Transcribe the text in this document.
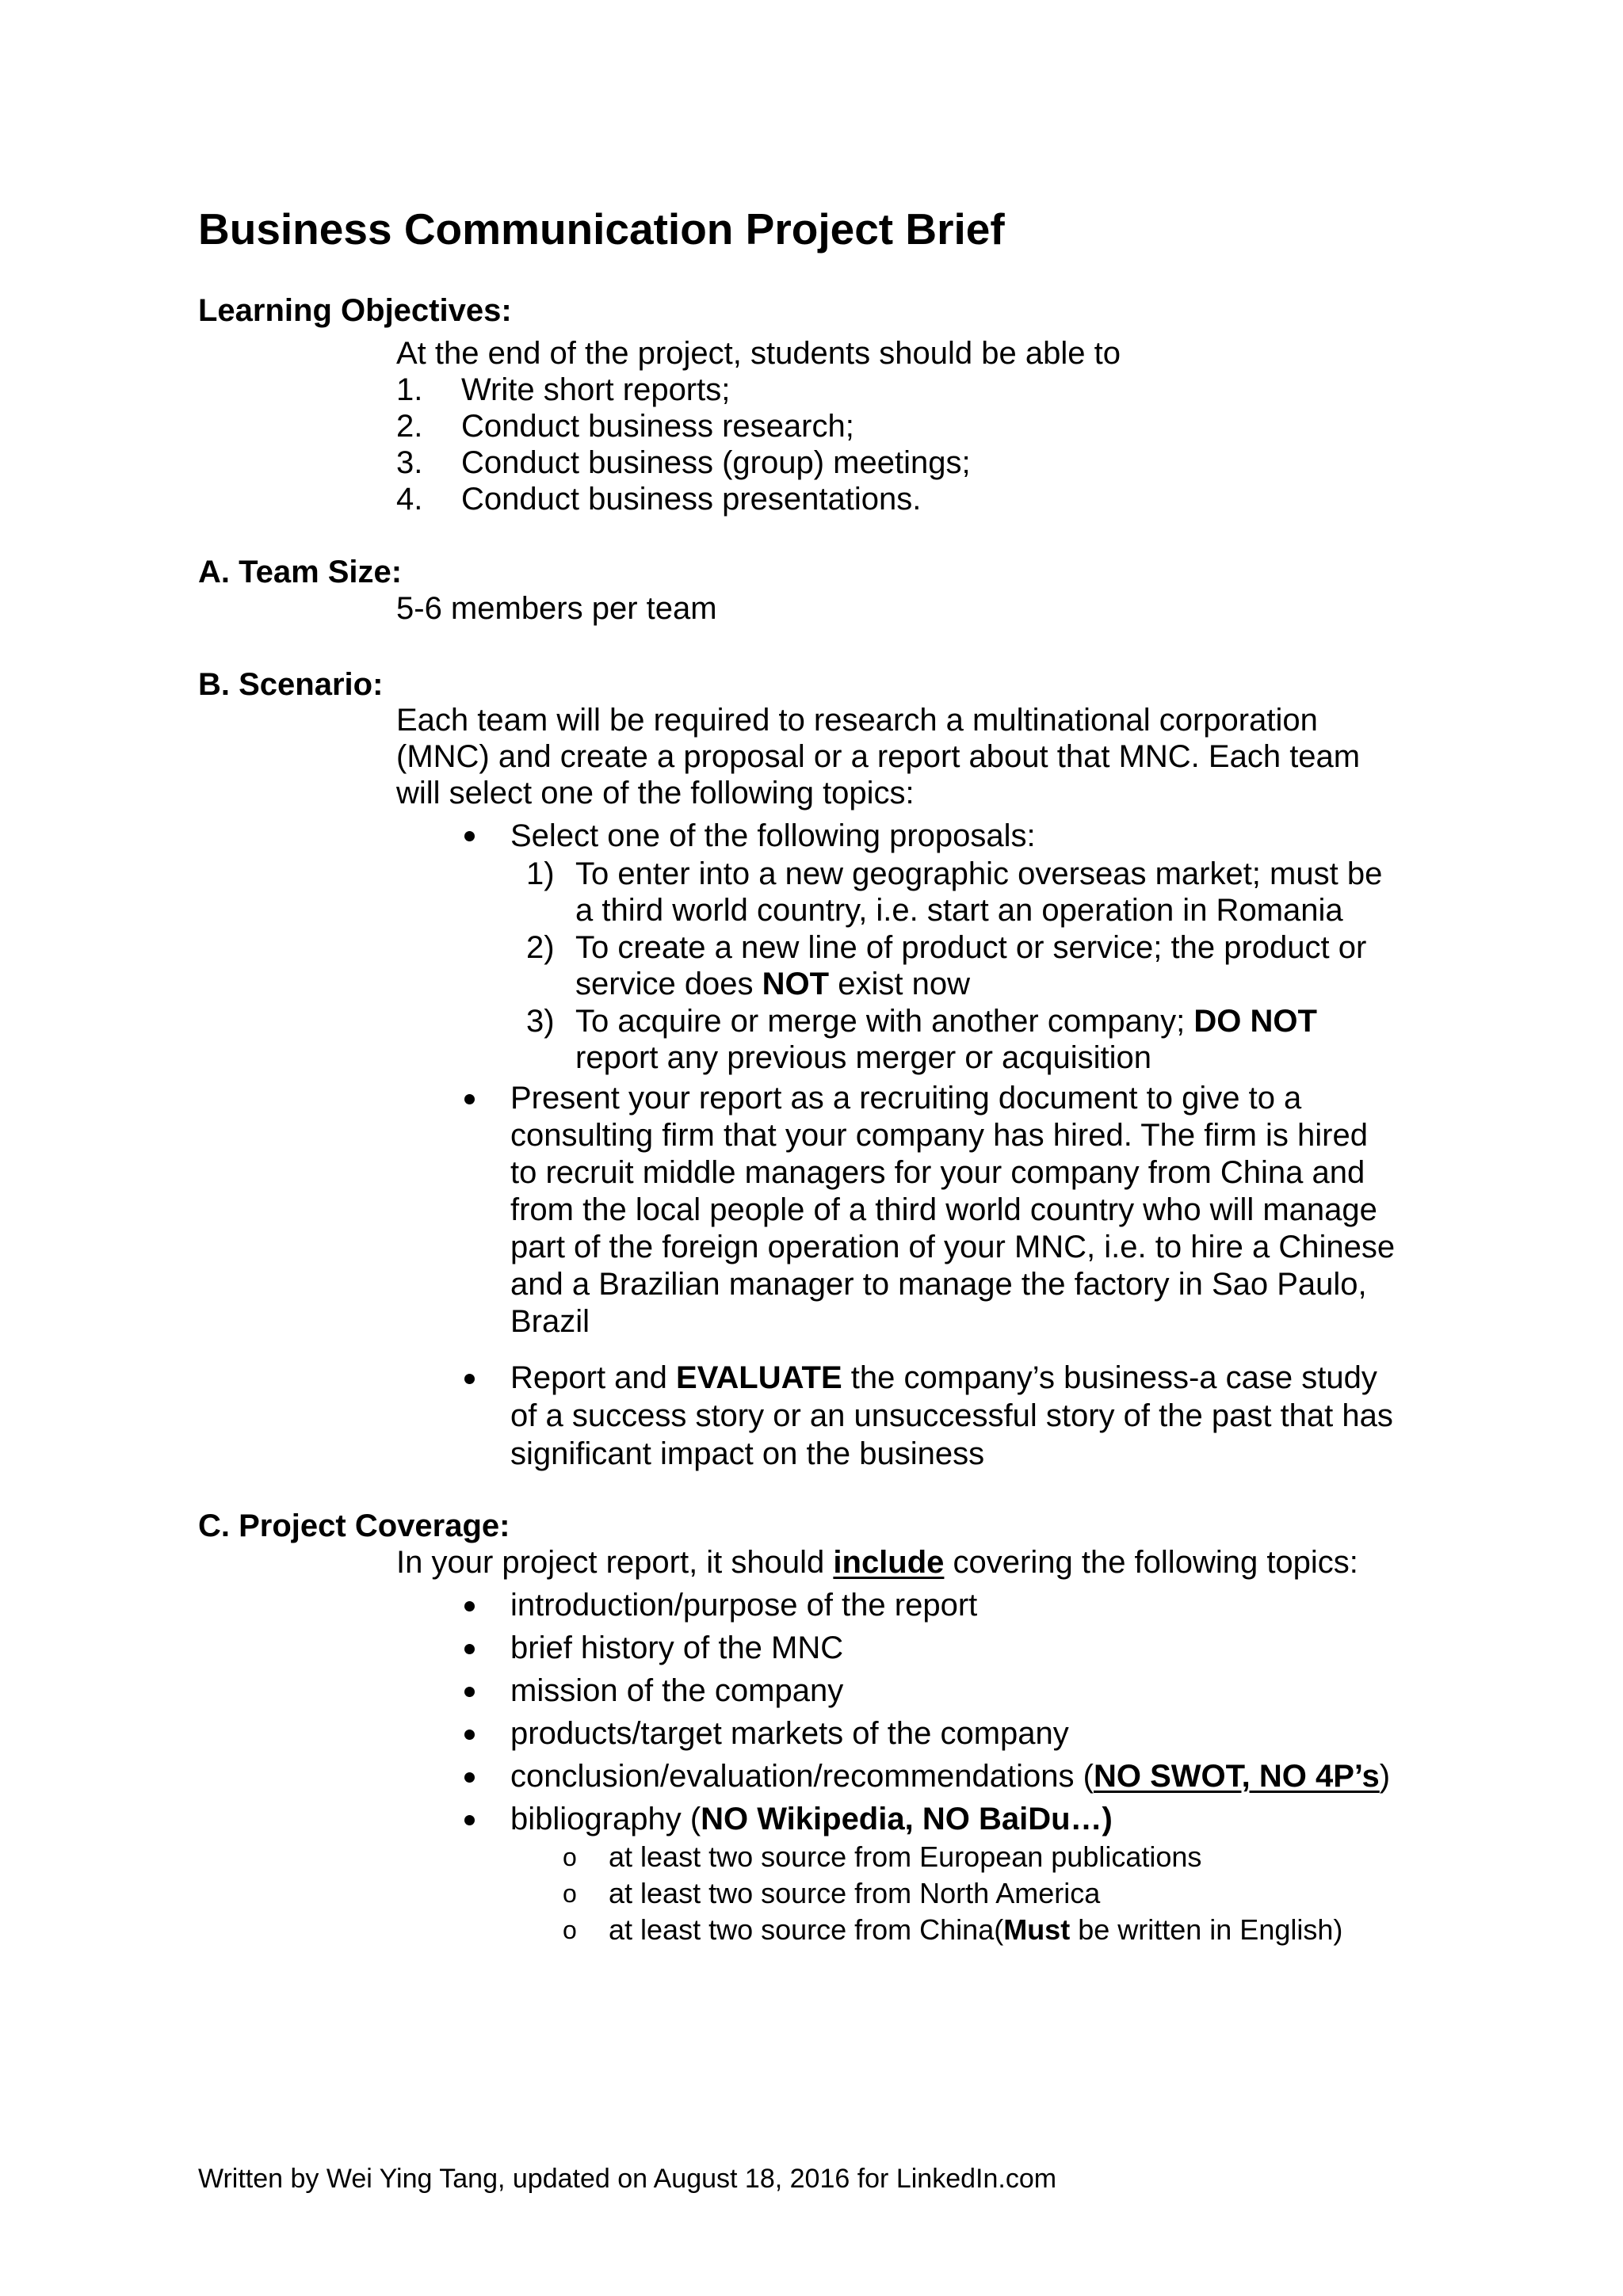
Business Communication Project Brief
Learning Objectives:
At the end of the project, students should be able to
1. Write short reports;
2. Conduct business research;
3. Conduct business (group) meetings;
4. Conduct business presentations.
A. Team Size:
5-6 members per team
B. Scenario:
Each team will be required to research a multinational corporation
(MNC) and create a proposal or a report about that MNC. Each team
will select one of the following topics:
Select one of the following proposals:
1) To enter into a new geographic overseas market; must be
a third world country, i.e. start an operation in Romania
2) To create a new line of product or service; the product or
service does NOT exist now
3) To acquire or merge with another company; DO NOT
report any previous merger or acquisition
Present your report as a recruiting document to give to a
consulting firm that your company has hired. The firm is hired
to recruit middle managers for your company from China and
from the local people of a third world country who will manage
part of the foreign operation of your MNC, i.e. to hire a Chinese
and a Brazilian manager to manage the factory in Sao Paulo,
Brazil
Report and EVALUATE the company’s business-a case study
of a success story or an unsuccessful story of the past that has
significant impact on the business
C. Project Coverage:
In your project report, it should include covering the following topics:
introduction/purpose of the report
brief history of the MNC
mission of the company
products/target markets of the company
conclusion/evaluation/recommendations (NO SWOT, NO 4P’s)
bibliography (NO Wikipedia, NO BaiDu…)
o at least two source from European publications
o at least two source from North America
o at least two source from China(Must be written in English)
Written by Wei Ying Tang, updated on August 18, 2016 for LinkedIn.com
